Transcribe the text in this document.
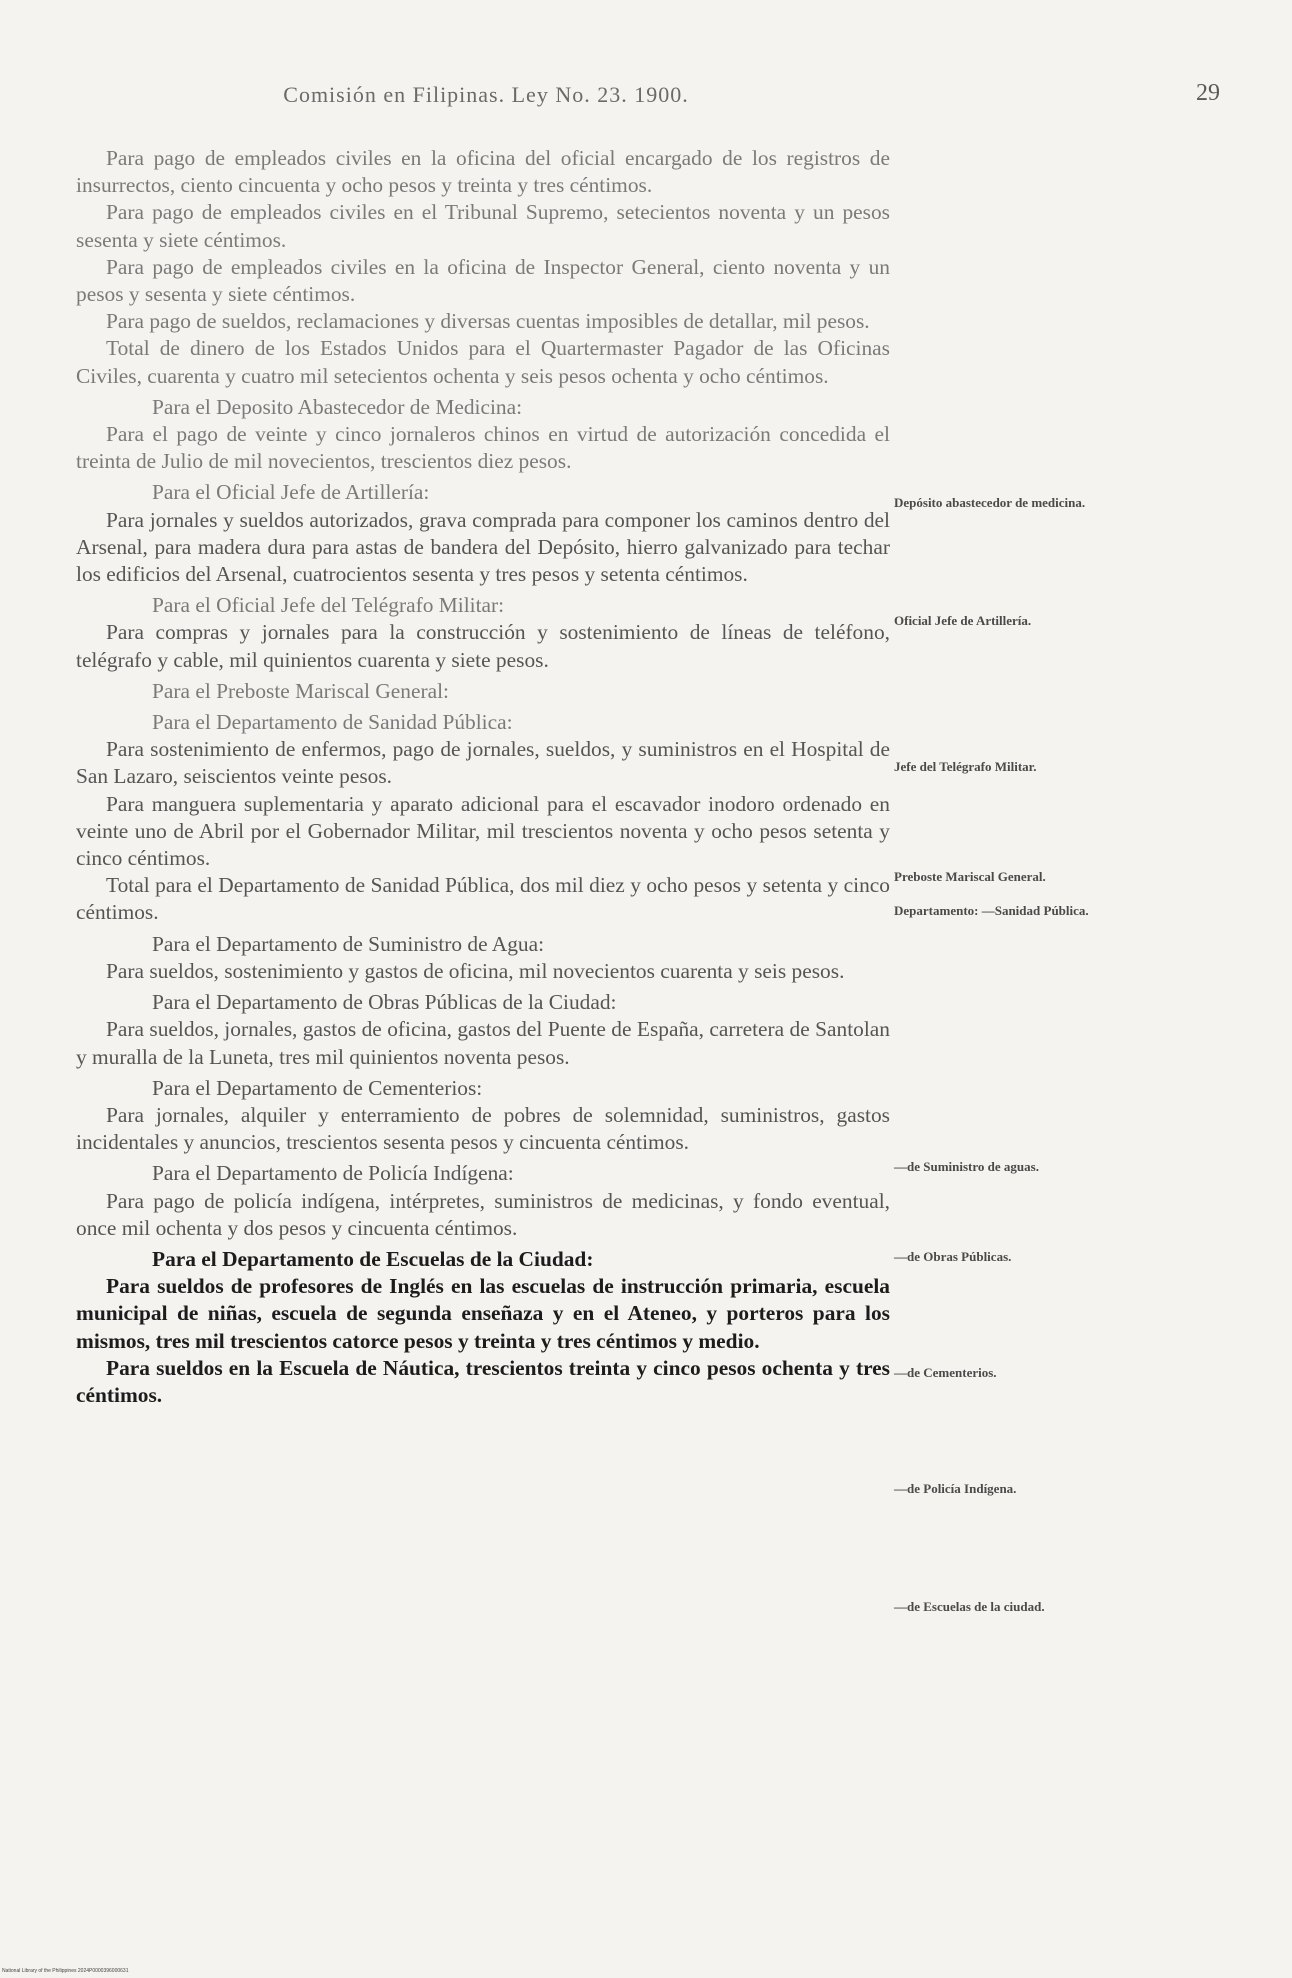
Comisión en Filipinas. Ley No. 23. 1900.	29

Para pago de empleados civiles en la oficina del oficial encargado de los registros de insurrectos, ciento cincuenta y ocho pesos y treinta y tres céntimos.

Para pago de empleados civiles en el Tribunal Supremo, setecientos noventa y un pesos sesenta y siete céntimos.

Para pago de empleados civiles en la oficina de Inspector General, ciento noventa y un pesos y sesenta y siete céntimos.

Para pago de sueldos, reclamaciones y diversas cuentas imposibles de detallar, mil pesos.

Total de dinero de los Estados Unidos para el Quartermaster Pagador de las Oficinas Civiles, cuarenta y cuatro mil setecientos ochenta y seis pesos ochenta y ocho céntimos.

Para el Deposito Abastecedor de Medicina:

Para el pago de veinte y cinco jornaleros chinos en virtud de autorización concedida el treinta de Julio de mil novecientos, trescientos diez pesos.

Para el Oficial Jefe de Artillería:

Para jornales y sueldos autorizados, grava comprada para componer los caminos dentro del Arsenal, para madera dura para astas de bandera del Depósito, hierro galvanizado para techar los edificios del Arsenal, cuatrocientos sesenta y tres pesos y setenta céntimos.

Para el Oficial Jefe del Telégrafo Militar:

Para compras y jornales para la construcción y sostenimiento de líneas de teléfono, telégrafo y cable, mil quinientos cuarenta y siete pesos.

Para el Preboste Mariscal General:

Para el Departamento de Sanidad Pública:

Para sostenimiento de enfermos, pago de jornales, sueldos, y suministros en el Hospital de San Lazaro, seiscientos veinte pesos.

Para manguera suplementaria y aparato adicional para el escavador inodoro ordenado en veinte uno de Abril por el Gobernador Militar, mil trescientos noventa y ocho pesos setenta y cinco céntimos.

Total para el Departamento de Sanidad Pública, dos mil diez y ocho pesos y setenta y cinco céntimos.

Para el Departamento de Suministro de Agua:

Para sueldos, sostenimiento y gastos de oficina, mil novecientos cuarenta y seis pesos.

Para el Departamento de Obras Públicas de la Ciudad:

Para sueldos, jornales, gastos de oficina, gastos del Puente de España, carretera de Santolan y muralla de la Luneta, tres mil quinientos noventa pesos.

Para el Departamento de Cementerios:

Para jornales, alquiler y enterramiento de pobres de solemnidad, suministros, gastos incidentales y anuncios, trescientos sesenta pesos y cincuenta céntimos.

Para el Departamento de Policía Indígena:

Para pago de policía indígena, intérpretes, suministros de medicinas, y fondo eventual, once mil ochenta y dos pesos y cincuenta céntimos.

Para el Departamento de Escuelas de la Ciudad:

Para sueldos de profesores de Inglés en las escuelas de instrucción primaria, escuela municipal de niñas, escuela de segunda enseñaza y en el Ateneo, y porteros para los mismos, tres mil trescientos catorce pesos y treinta y tres céntimos y medio.

Para sueldos en la Escuela de Náutica, trescientos treinta y cinco pesos ochenta y tres céntimos.

Depósito abastecedor de medicina.
Oficial Jefe de Artillería.
Jefe del Telégrafo Militar.
Preboste Mariscal General.
Departamento: —Sanidad Pública.
—de Suministro de aguas.
—de Obras Públicas.
—de Cementerios.
—de Policía Indígena.
—de Escuelas de la ciudad.
National Library of the Philippines 2024P0000396000631
